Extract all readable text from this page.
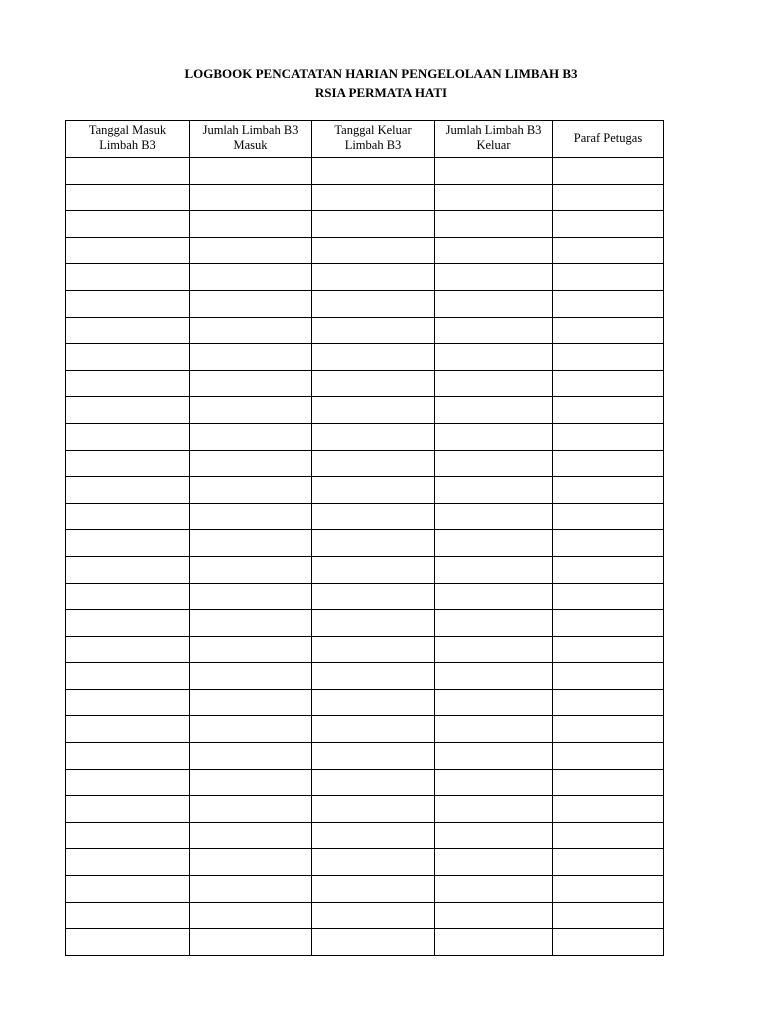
LOGBOOK PENCATATAN HARIAN PENGELOLAAN LIMBAH B3
RSIA PERMATA HATI
Tanggal Masuk Limbah B3	Jumlah Limbah B3 Masuk	Tanggal Keluar Limbah B3	Jumlah Limbah B3 Keluar	Paraf Petugas
